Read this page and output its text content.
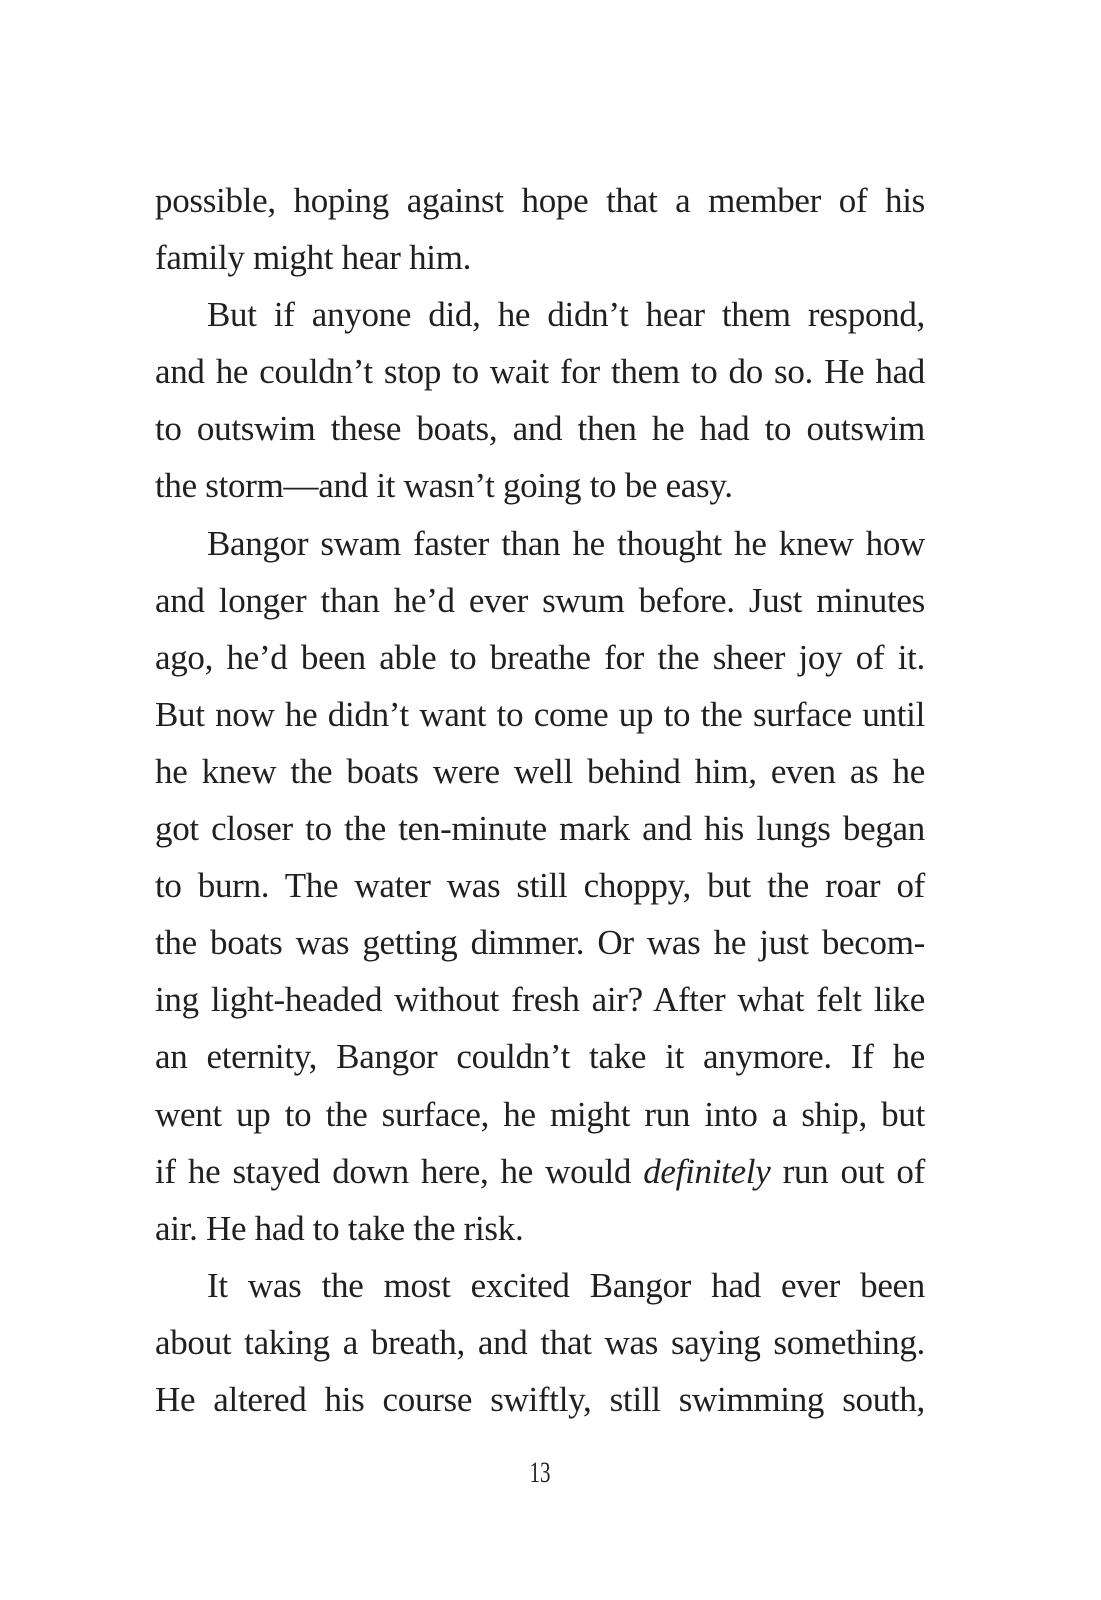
possible, hoping against hope that a member of his
family might hear him.
But if anyone did, he didn’t hear them respond,
and he couldn’t stop to wait for them to do so. He had
to outswim these boats, and then he had to outswim
the storm—and it wasn’t going to be easy.
Bangor swam faster than he thought he knew how
and longer than he’d ever swum before. Just minutes
ago, he’d been able to breathe for the sheer joy of it.
But now he didn’t want to come up to the surface until
he knew the boats were well behind him, even as he
got closer to the ten-minute mark and his lungs began
to burn. The water was still choppy, but the roar of
the boats was getting dimmer. Or was he just becom-
ing light-headed without fresh air? After what felt like
an eternity, Bangor couldn’t take it anymore. If he
went up to the surface, he might run into a ship, but
if he stayed down here, he would definitely run out of
air. He had to take the risk.
It was the most excited Bangor had ever been
about taking a breath, and that was saying something.
He altered his course swiftly, still swimming south,
13
